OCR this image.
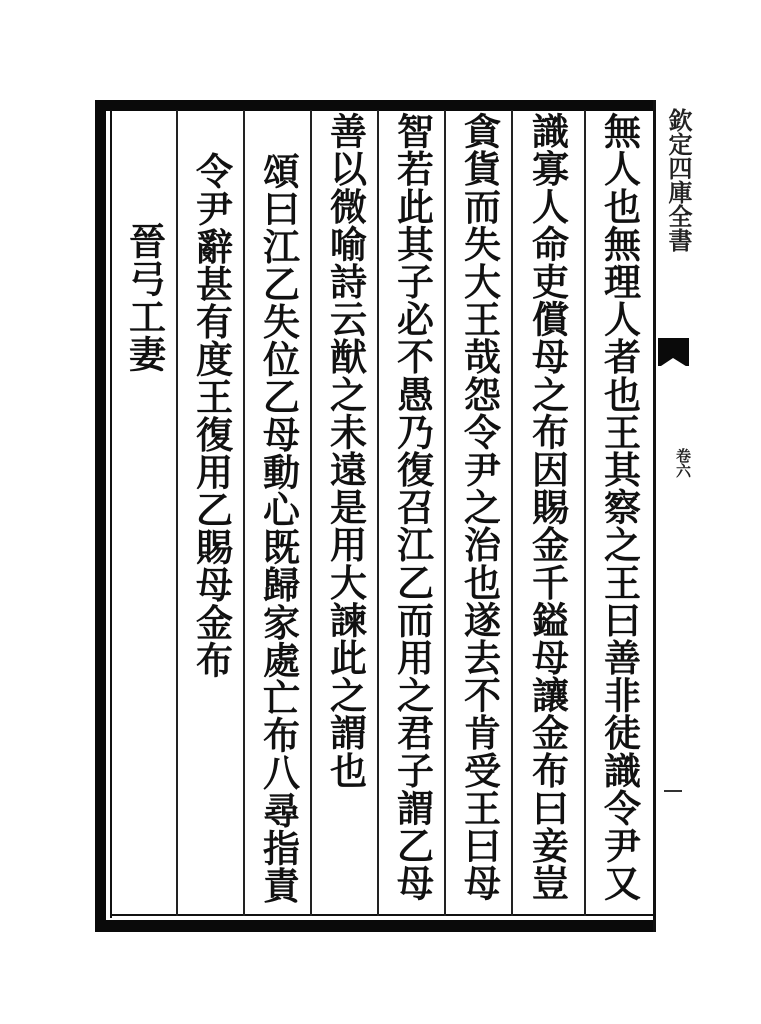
無人也無理人者也王其察之王曰善非徒識令尹又
識寡人命吏償母之布因賜金千鎰母讓金布曰妾豈
貪貨而失大王哉怨令尹之治也遂去不肯受王曰母
智若此其子必不愚乃復召江乙而用之君子謂乙母
善以微喻詩云猷之未遠是用大諫此之謂也
頌曰江乙失位乙母動心既歸家處亡布八尋指責
令尹辭甚有度王復用乙賜母金布
晉弓工妻
欽定四庫全書
卷六
